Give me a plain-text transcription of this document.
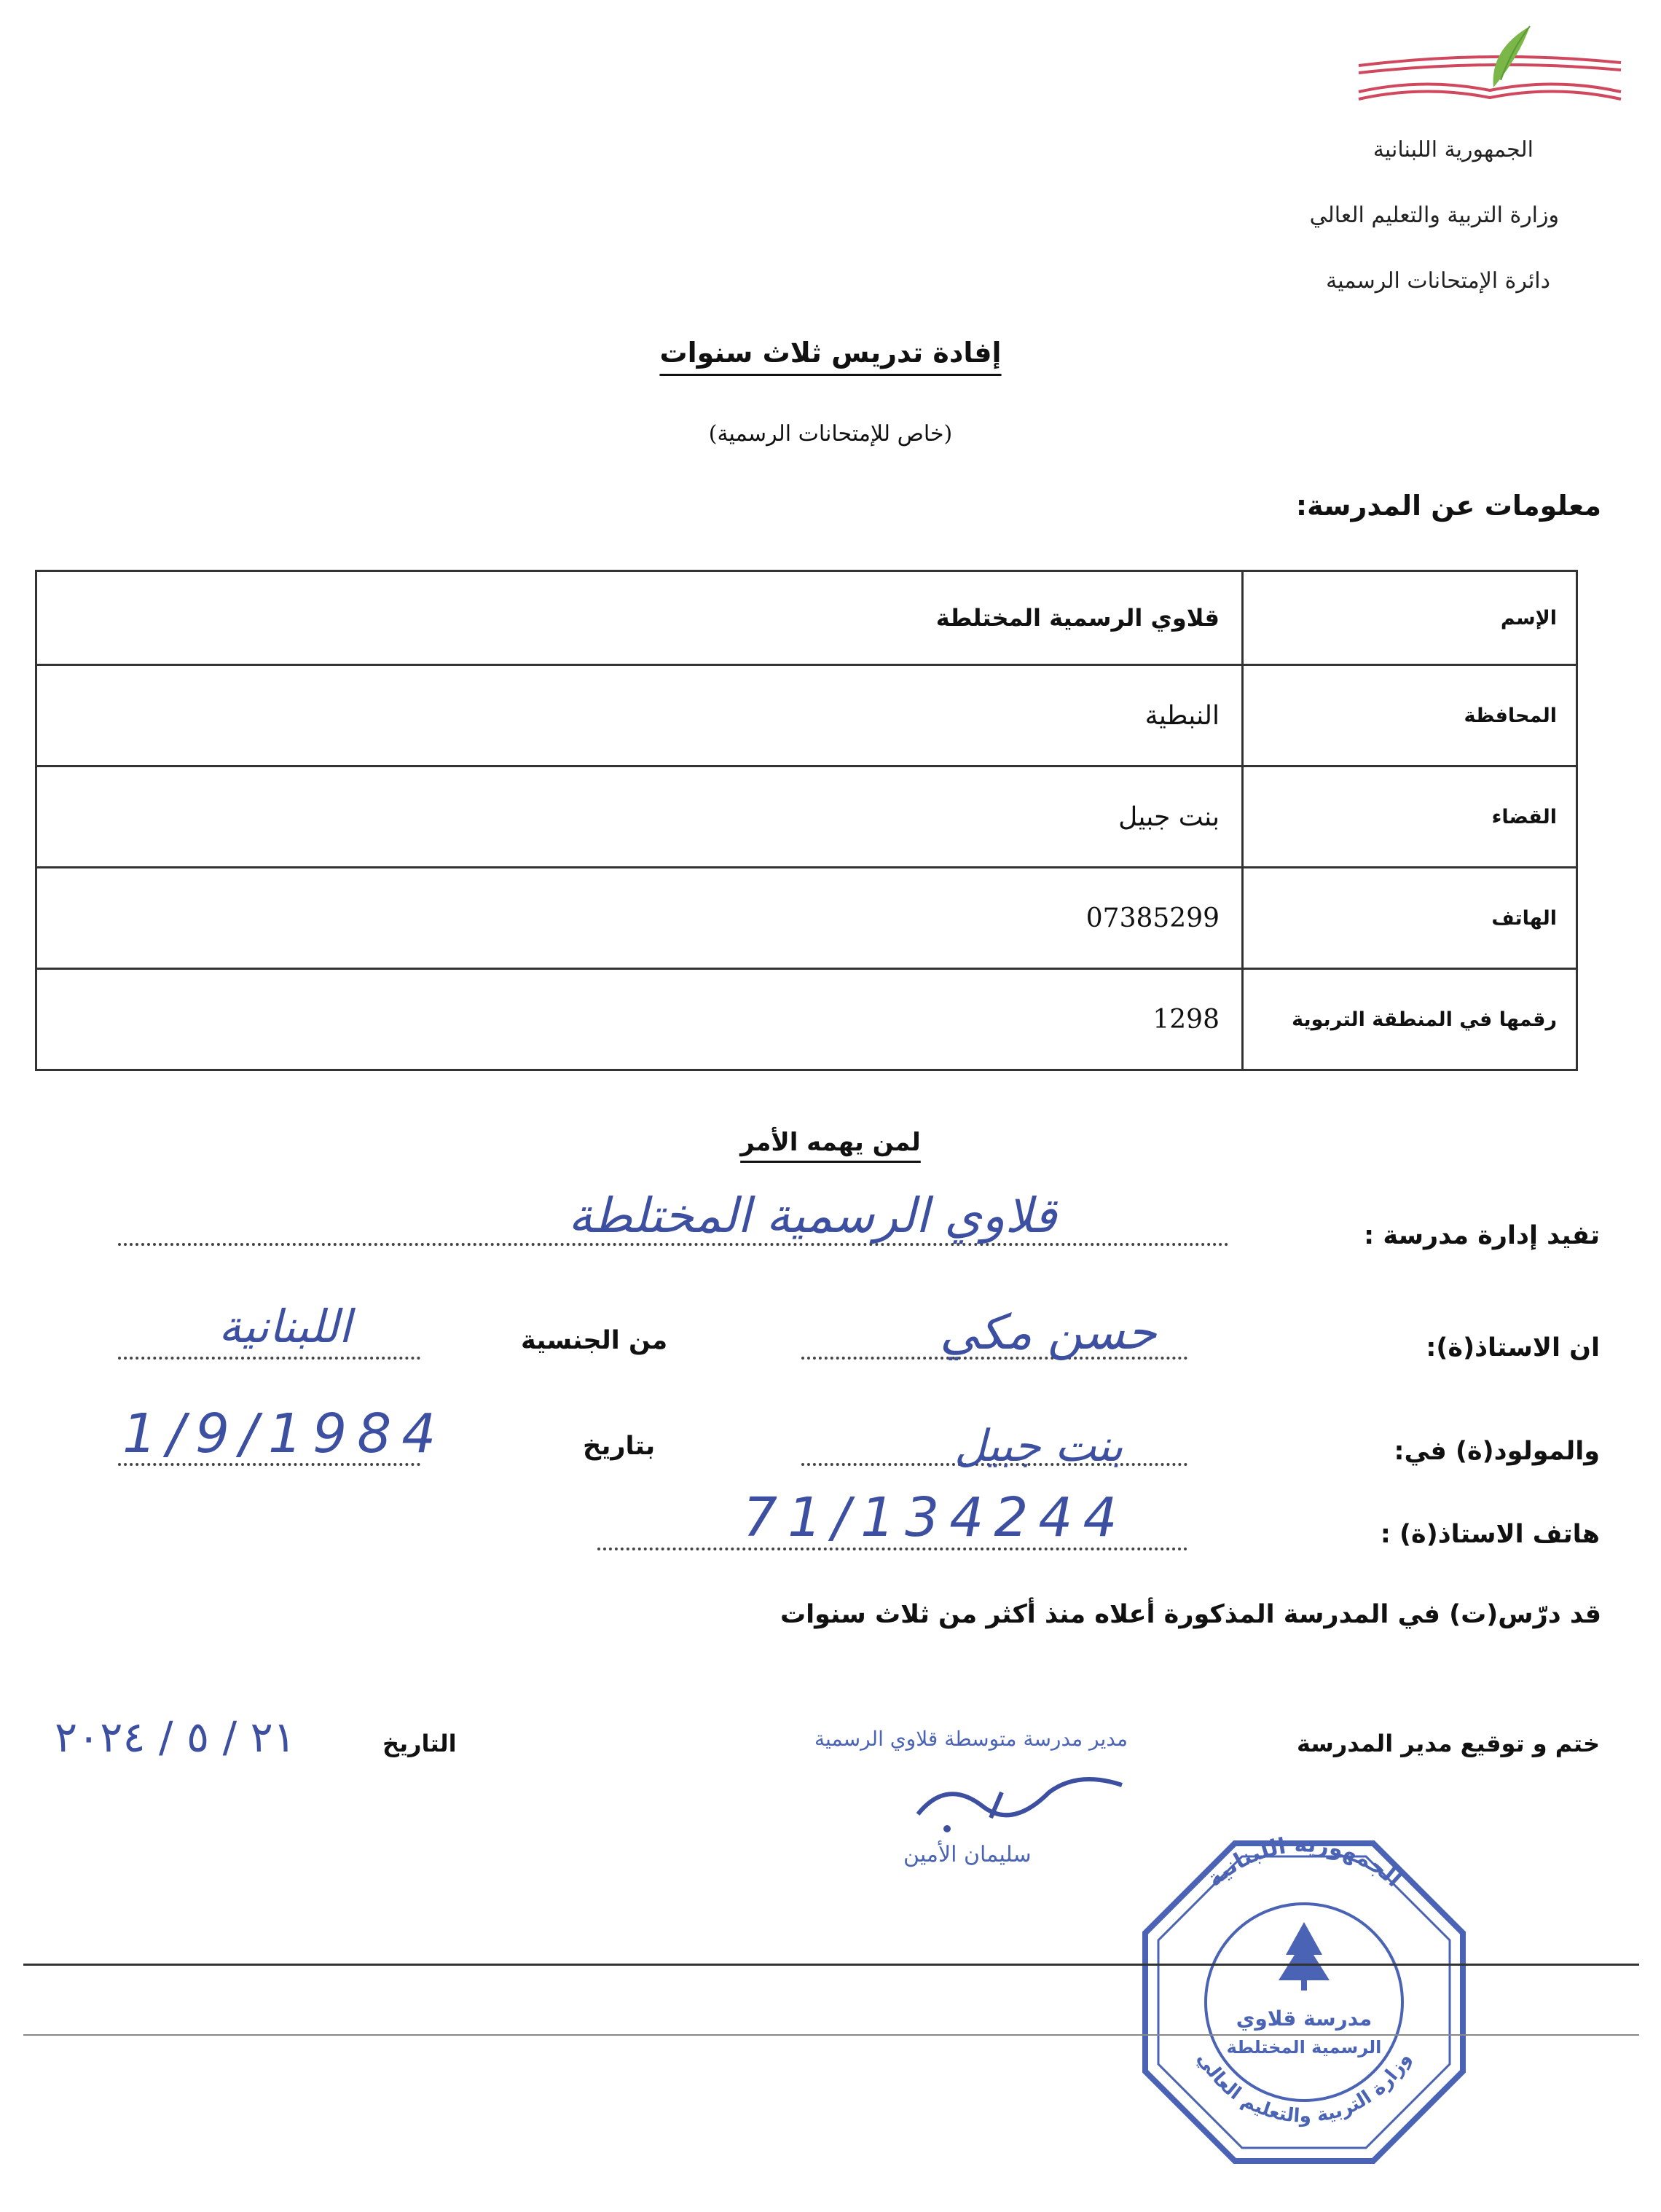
الجمهورية اللبنانية
وزارة التربية والتعليم العالي
دائرة الإمتحانات الرسمية
إفادة تدريس ثلاث سنوات
(خاص للإمتحانات الرسمية)
معلومات عن المدرسة:
الإسم	قلاوي الرسمية المختلطة
المحافظة	النبطية
القضاء	بنت جبيل
الهاتف	07385299
رقمها في المنطقة التربوية	1298
لمن يهمه الأمر
تفيد إدارة مدرسة :
قلاوي الرسمية المختلطة
ان الاستاذ(ة):
حسن مكي
من الجنسية
اللبنانية
والمولود(ة) في:
بنت جبيل
بتاريخ
1/9/1984
هاتف الاستاذ(ة) :
71/134244
قد درّس(ت) في المدرسة المذكورة أعلاه منذ أكثر من ثلاث سنوات
ختم و توقيع مدير المدرسة
التاريخ
٢١ / ٥ / ٢٠٢٤	مدير مدرسة متوسطة قلاوي الرسمية
سليمان الأمين
الجمهورية اللبنانية
وزارة التربية والتعليم العالي
مدرسة قلاوي
الرسمية المختلطة
